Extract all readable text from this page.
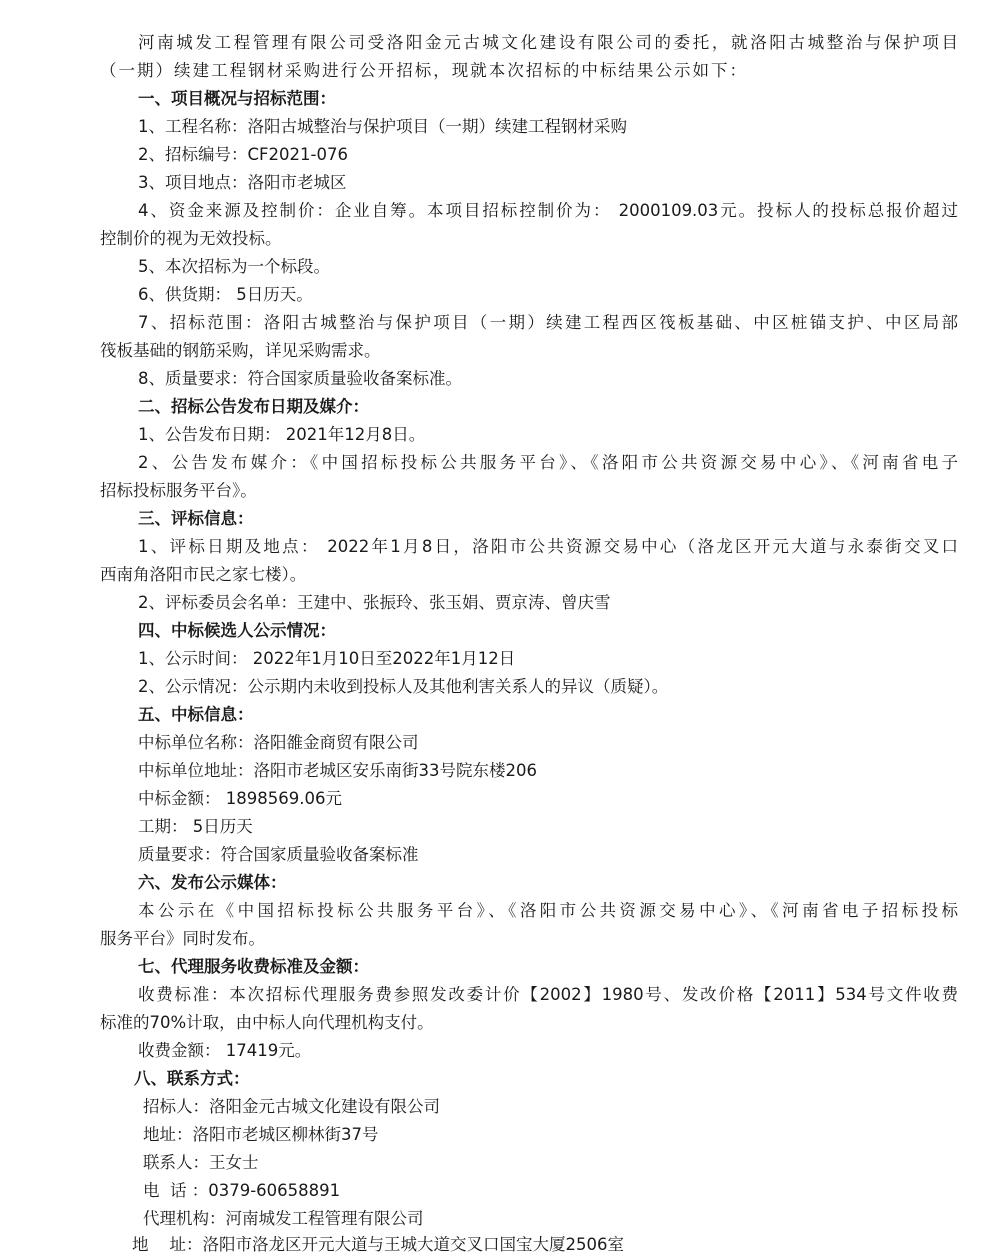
河南城发工程管理有限公司受洛阳金元古城文化建设有限公司的委托，就洛阳古城整治与保护项目
（一期）续建工程钢材采购进行公开招标，现就本次招标的中标结果公示如下：
一、项目概况与招标范围：
1、工程名称：洛阳古城整治与保护项目（一期）续建工程钢材采购
2、招标编号：CF2021-076
3、项目地点：洛阳市老城区
4、资金来源及控制价：企业自筹。本项目招标控制价为： 2000109.03元。投标人的投标总报价超过
控制价的视为无效投标。
5、本次招标为一个标段。
6、供货期： 5日历天。
7、招标范围：洛阳古城整治与保护项目（一期）续建工程西区筏板基础、中区桩锚支护、中区局部
筏板基础的钢筋采购，详见采购需求。
8、质量要求：符合国家质量验收备案标准。
二、招标公告发布日期及媒介：
1、公告发布日期： 2021年12月8日。
2、公告发布媒介：《中国招标投标公共服务平台》、《洛阳市公共资源交易中心》、《河南省电子
招标投标服务平台》。
三、评标信息：
1、评标日期及地点： 2022年1月8日，洛阳市公共资源交易中心（洛龙区开元大道与永泰街交叉口
西南角洛阳市民之家七楼）。
2、评标委员会名单：王建中、张振玲、张玉娟、贾京涛、曾庆雪
四、中标候选人公示情况：
1、公示时间： 2022年1月10日至2022年1月12日
2、公示情况：公示期内未收到投标人及其他利害关系人的异议（质疑）。
五、中标信息：
中标单位名称：洛阳雒金商贸有限公司
中标单位地址：洛阳市老城区安乐南街33号院东楼206
中标金额： 1898569.06元
工期： 5日历天
质量要求：符合国家质量验收备案标准
六、发布公示媒体：
本公示在《中国招标投标公共服务平台》、《洛阳市公共资源交易中心》、《河南省电子招标投标
服务平台》同时发布。
七、代理服务收费标准及金额：
收费标准：本次招标代理服务费参照发改委计价【2002】1980号、发改价格【2011】534号文件收费
标准的70%计取，由中标人向代理机构支付。
收费金额： 17419元。
八、联系方式：
招标人：洛阳金元古城文化建设有限公司
地址：洛阳市老城区柳林街37号
联系人：王女士
电  话 ：0379-60658891
代理机构：河南城发工程管理有限公司
地    址：洛阳市洛龙区开元大道与王城大道交叉口国宝大厦2506室
